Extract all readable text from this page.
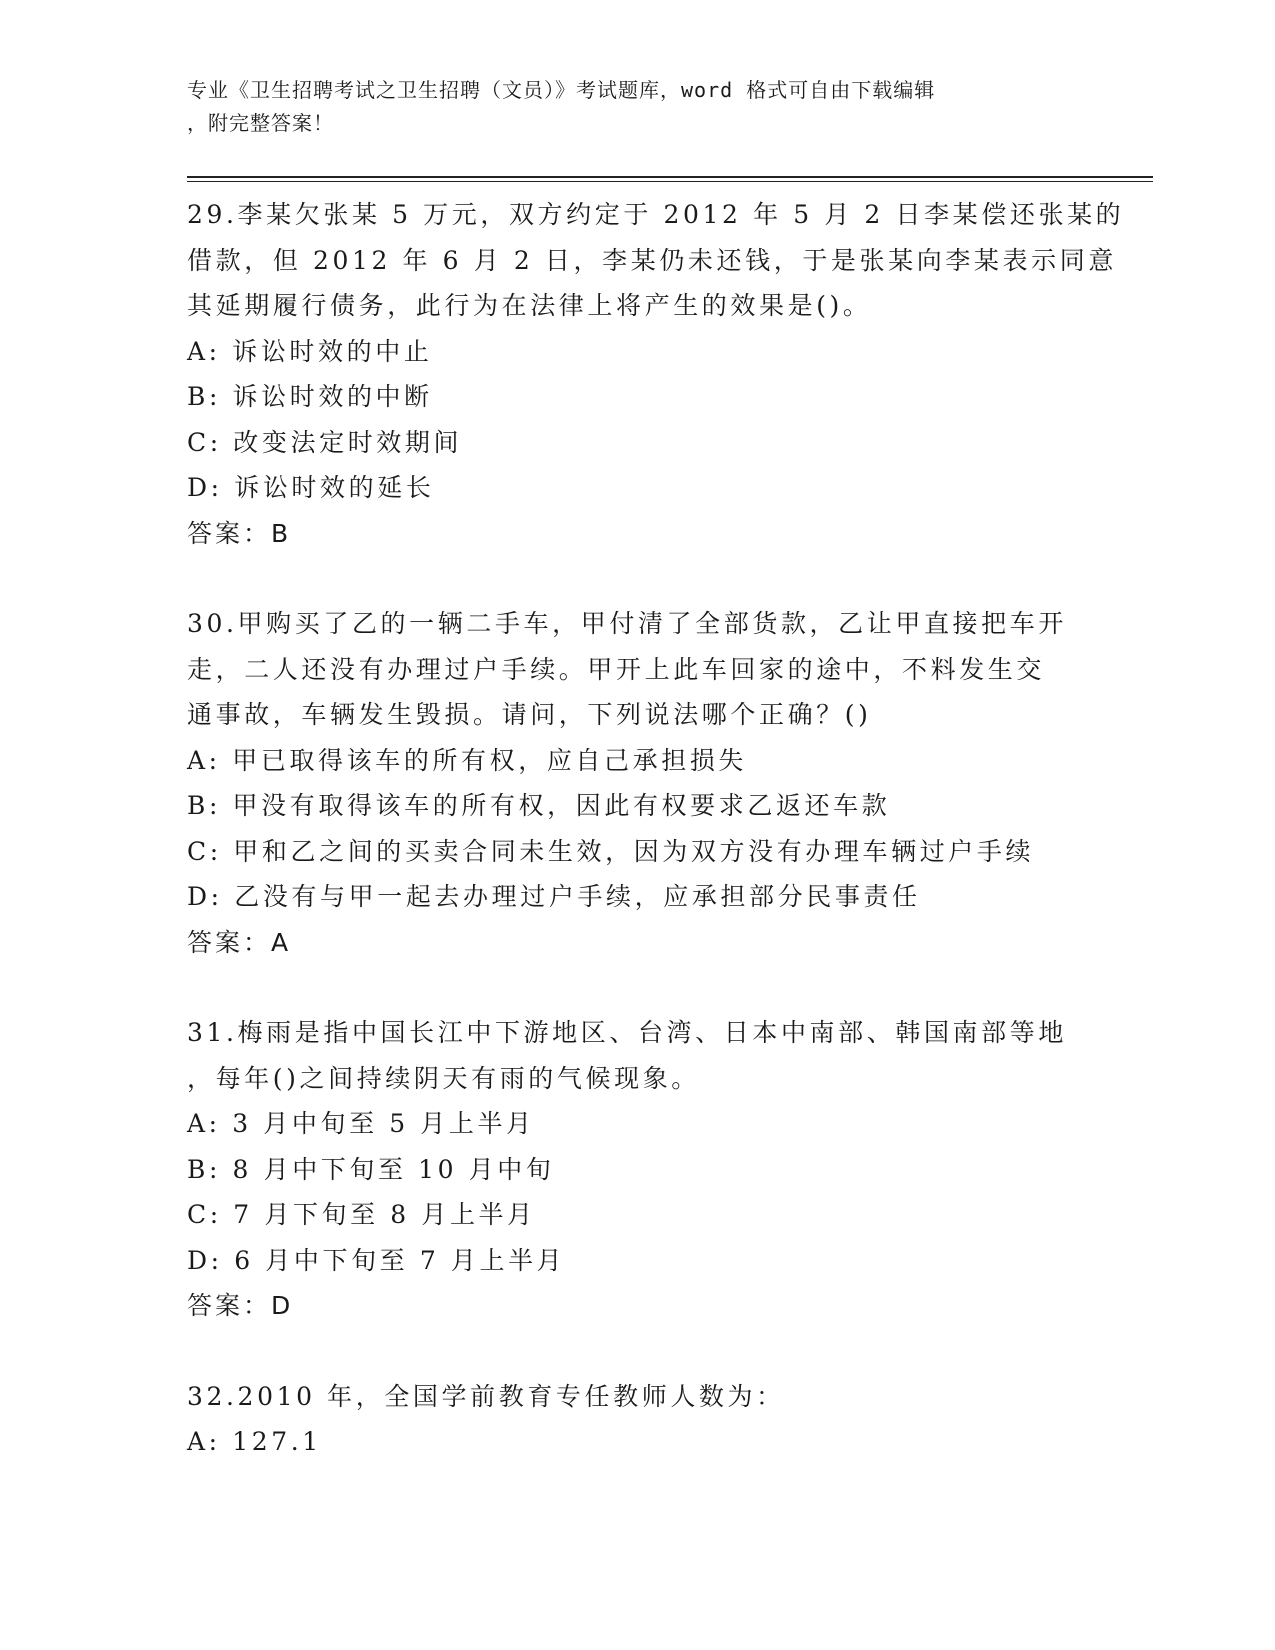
专业《卫生招聘考试之卫生招聘（文员）》考试题库，word 格式可自由下载编辑
，附完整答案！
29.李某欠张某 5 万元，双方约定于 2012 年 5 月 2 日李某偿还张某的
借款，但 2012 年 6 月 2 日，李某仍未还钱，于是张某向李某表示同意
其延期履行债务，此行为在法律上将产生的效果是()。
A: 诉讼时效的中止
B: 诉讼时效的中断
C: 改变法定时效期间
D: 诉讼时效的延长
答案：B
30.甲购买了乙的一辆二手车，甲付清了全部货款，乙让甲直接把车开
走，二人还没有办理过户手续。甲开上此车回家的途中，不料发生交
通事故，车辆发生毁损。请问，下列说法哪个正确？()
A: 甲已取得该车的所有权，应自己承担损失
B: 甲没有取得该车的所有权，因此有权要求乙返还车款
C: 甲和乙之间的买卖合同未生效，因为双方没有办理车辆过户手续
D: 乙没有与甲一起去办理过户手续，应承担部分民事责任
答案：A
31.梅雨是指中国长江中下游地区、台湾、日本中南部、韩国南部等地
，每年()之间持续阴天有雨的气候现象。
A: 3 月中旬至 5 月上半月
B: 8 月中下旬至 10 月中旬
C: 7 月下旬至 8 月上半月
D: 6 月中下旬至 7 月上半月
答案：D
32.2010 年，全国学前教育专任教师人数为：
A: 127.1
